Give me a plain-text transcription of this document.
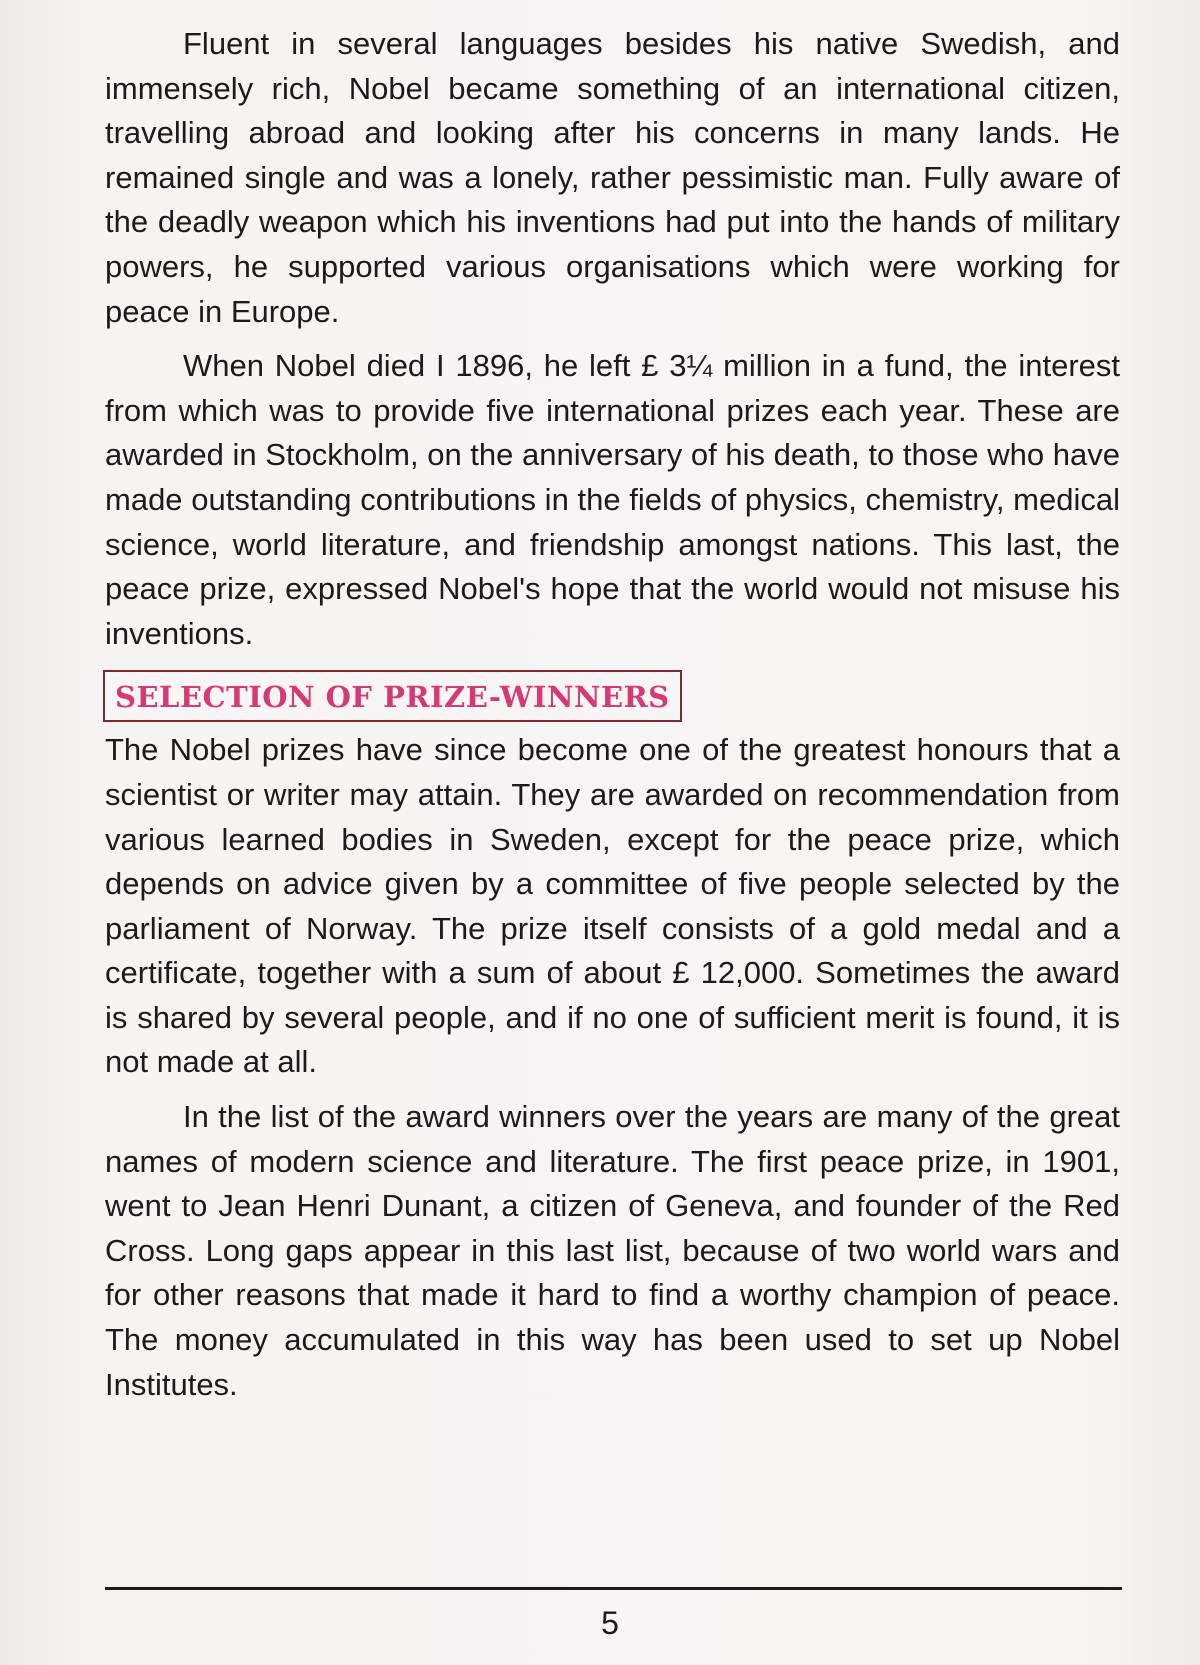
Fluent in several languages besides his native Swedish, and immensely rich, Nobel became something of an international citizen, travelling abroad and looking after his concerns in many lands. He remained single and was a lonely, rather pessimistic man. Fully aware of the deadly weapon which his inventions had put into the hands of military powers, he supported various organisations which were working for peace in Europe.

When Nobel died I 1896, he left £ 3¼ million in a fund, the interest from which was to provide five international prizes each year. These are awarded in Stockholm, on the anniversary of his death, to those who have made outstanding contributions in the fields of physics, chemistry, medical science, world literature, and friendship amongst nations. This last, the peace prize, expressed Nobel's hope that the world would not misuse his inventions.

SELECTION OF PRIZE-WINNERS

The Nobel prizes have since become one of the greatest honours that a scientist or writer may attain. They are awarded on recommendation from various learned bodies in Sweden, except for the peace prize, which depends on advice given by a committee of five people selected by the parliament of Norway. The prize itself consists of a gold medal and a certificate, together with a sum of about £ 12,000. Sometimes the award is shared by several people, and if no one of sufficient merit is found, it is not made at all.

In the list of the award winners over the years are many of the great names of modern science and literature. The first peace prize, in 1901, went to Jean Henri Dunant, a citizen of Geneva, and founder of the Red Cross. Long gaps appear in this last list, because of two world wars and for other reasons that made it hard to find a worthy champion of peace. The money accumulated in this way has been used to set up Nobel Institutes.

5
